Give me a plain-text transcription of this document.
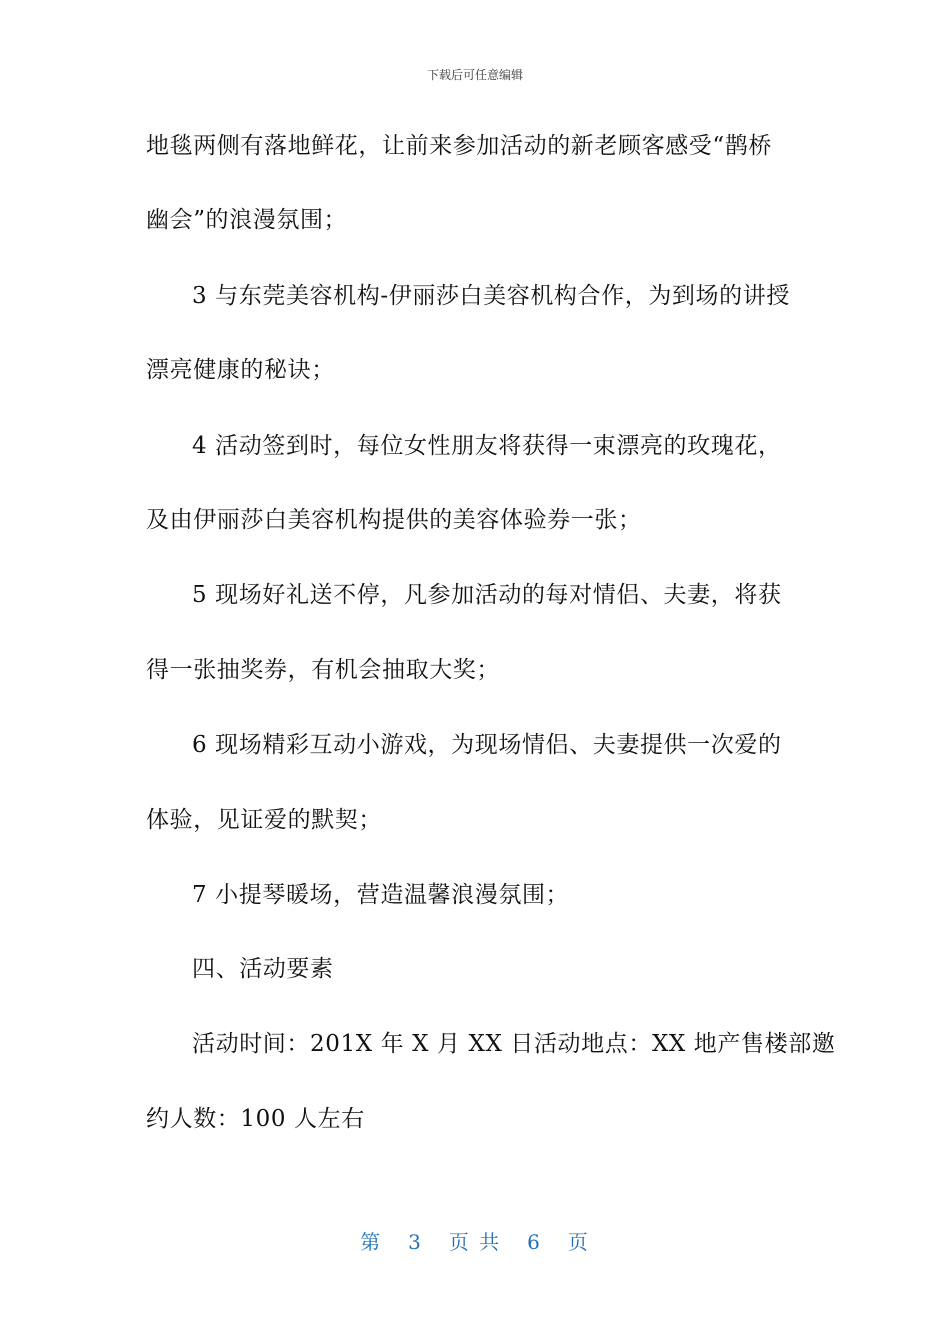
下载后可任意编辑
地毯两侧有落地鲜花，让前来参加活动的新老顾客感受“鹊桥
幽会”的浪漫氛围；
3 与东莞美容机构-伊丽莎白美容机构合作，为到场的讲授
漂亮健康的秘诀；
4 活动签到时，每位女性朋友将获得一束漂亮的玫瑰花，
及由伊丽莎白美容机构提供的美容体验券一张；
5 现场好礼送不停，凡参加活动的每对情侣、夫妻，将获
得一张抽奖券，有机会抽取大奖；
6 现场精彩互动小游戏，为现场情侣、夫妻提供一次爱的
体验，见证爱的默契；
7 小提琴暖场，营造温馨浪漫氛围；
四、活动要素
活动时间：201X 年 X 月 XX 日活动地点：XX 地产售楼部邀
约人数：100 人左右
第 3 页 共 6 页
